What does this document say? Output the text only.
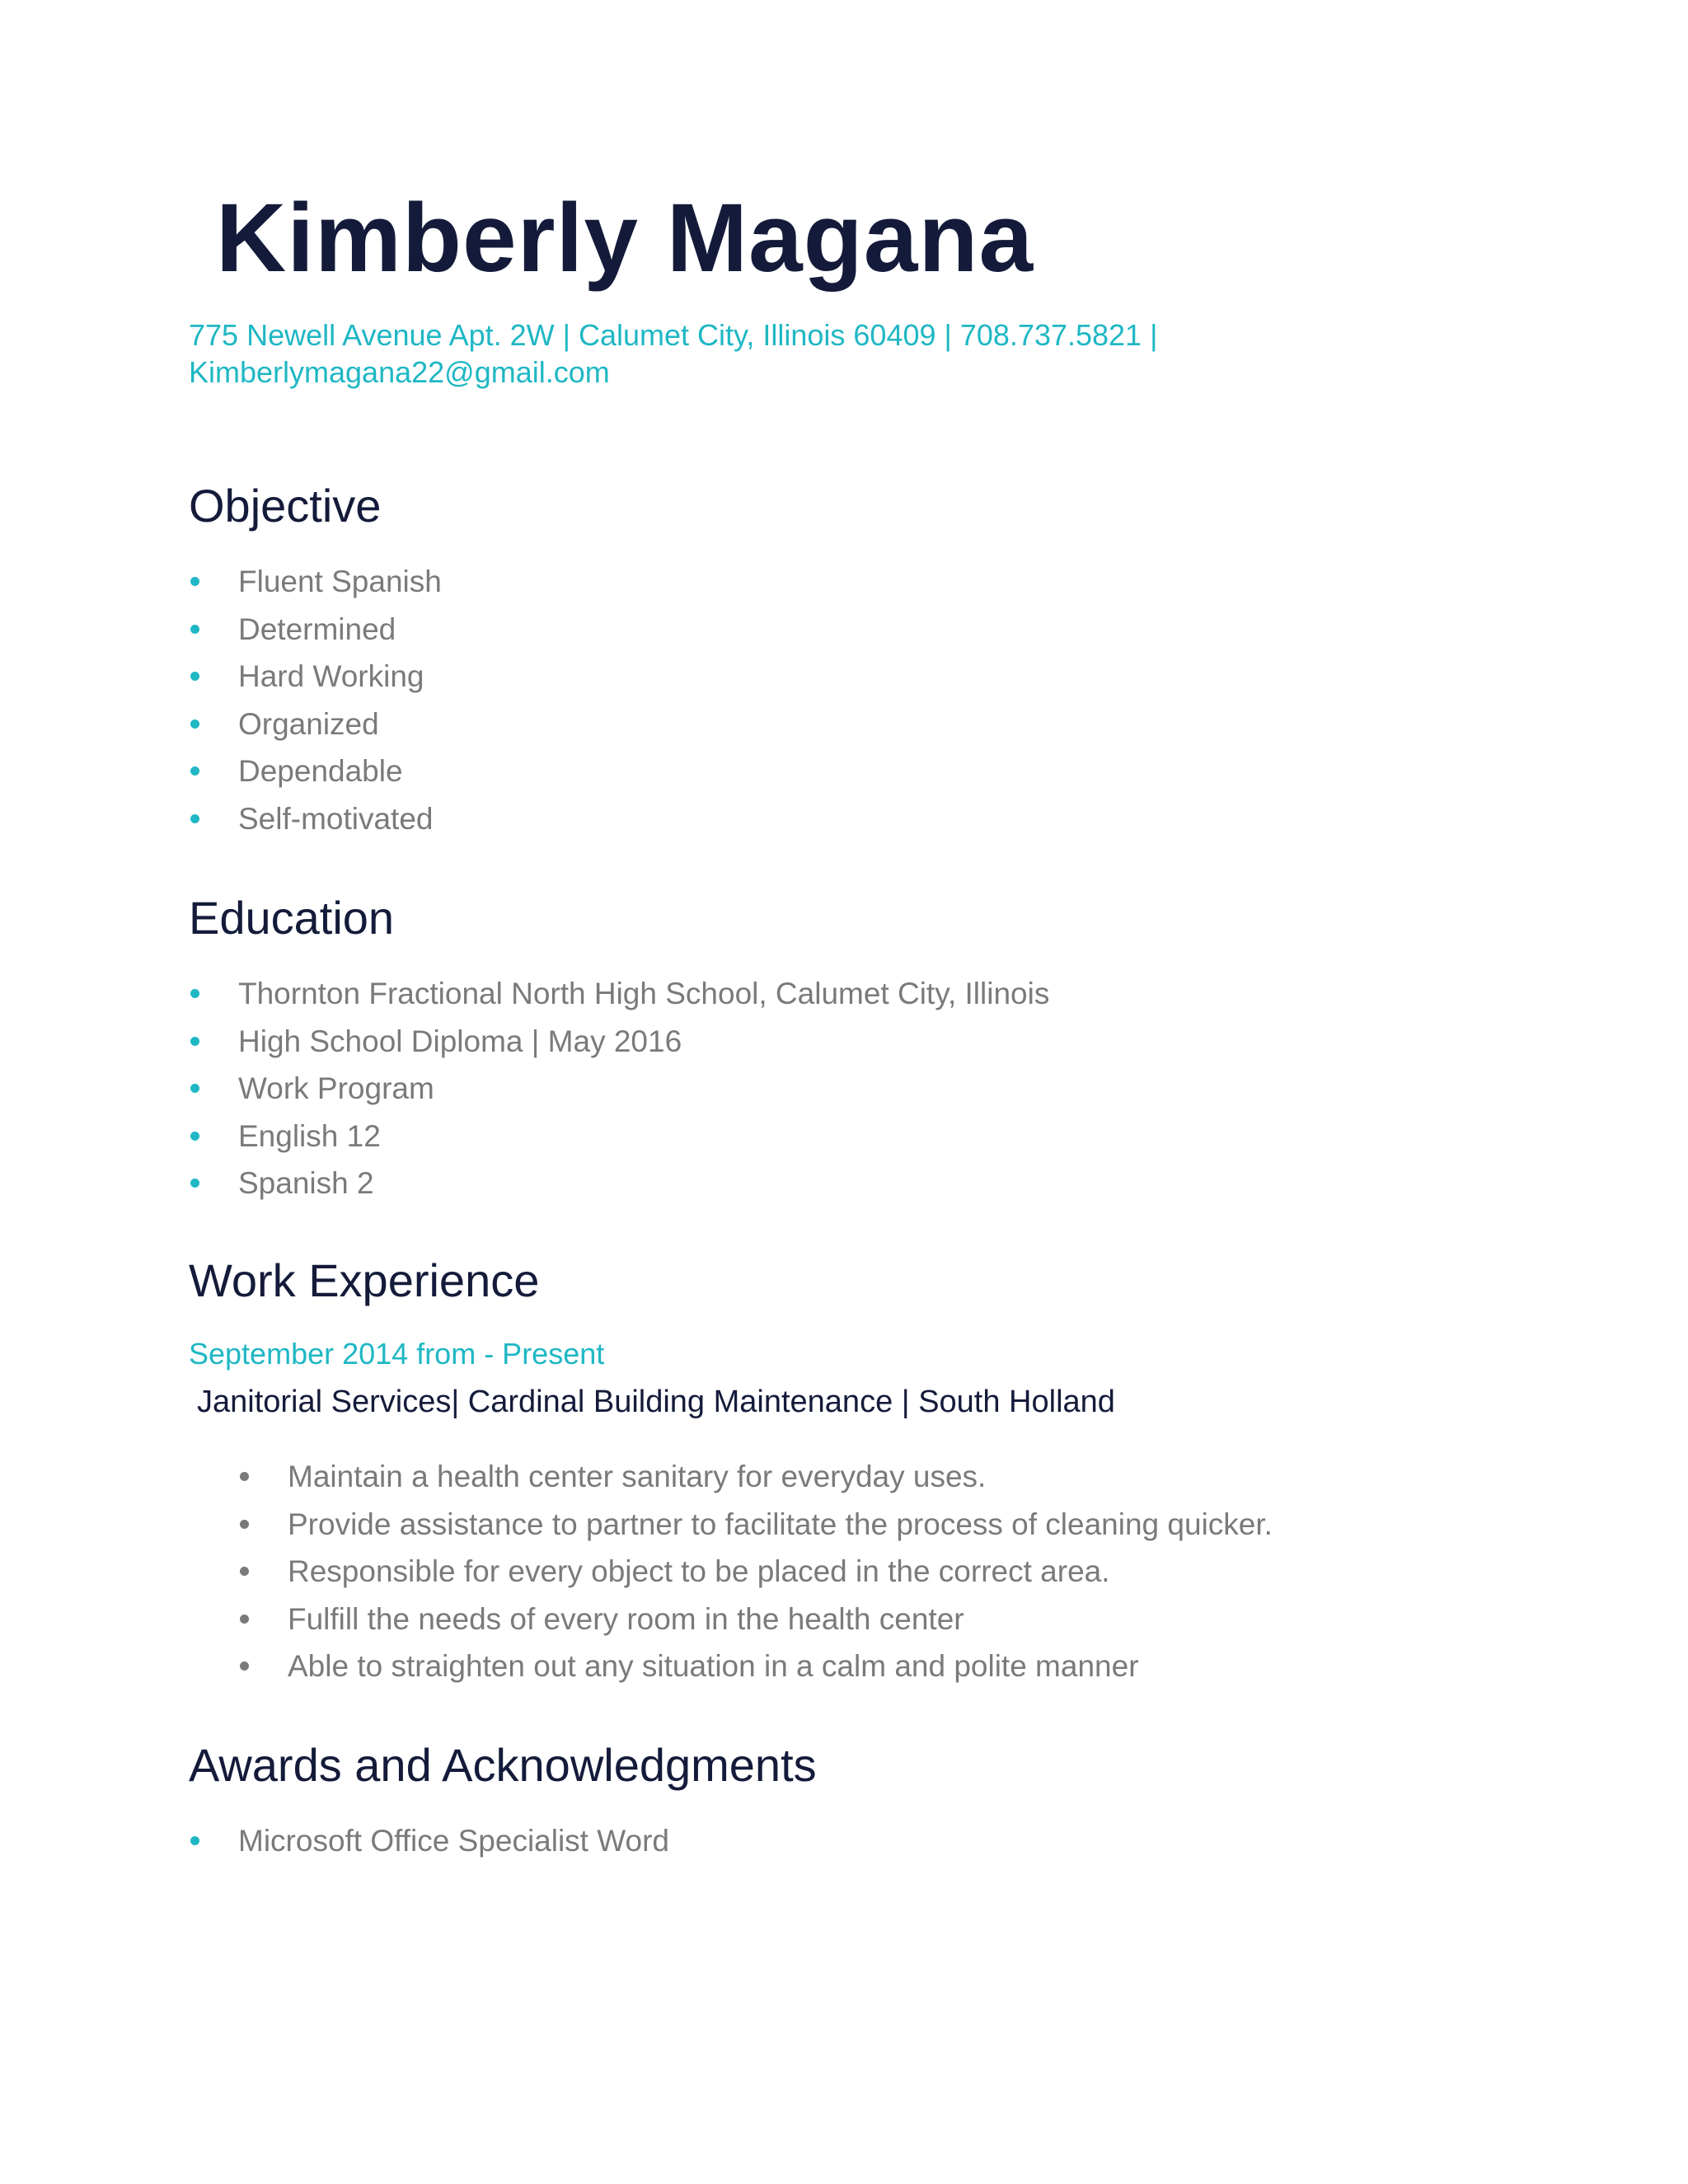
Kimberly Magana
775 Newell Avenue Apt. 2W | Calumet City, Illinois 60409 | 708.737.5821 |
Kimberlymagana22@gmail.com
Objective
Fluent Spanish
Determined
Hard Working
Organized
Dependable
Self-motivated
Education
Thornton Fractional North High School, Calumet City, Illinois
High School Diploma | May 2016
Work Program
English 12
Spanish 2
Work Experience
September 2014 from - Present
Janitorial Services| Cardinal Building Maintenance | South Holland
Maintain a health center sanitary for everyday uses.
Provide assistance to partner to facilitate the process of cleaning quicker.
Responsible for every object to be placed in the correct area.
Fulfill the needs of every room in the health center
Able to straighten out any situation in a calm and polite manner
Awards and Acknowledgments
Microsoft Office Specialist Word
